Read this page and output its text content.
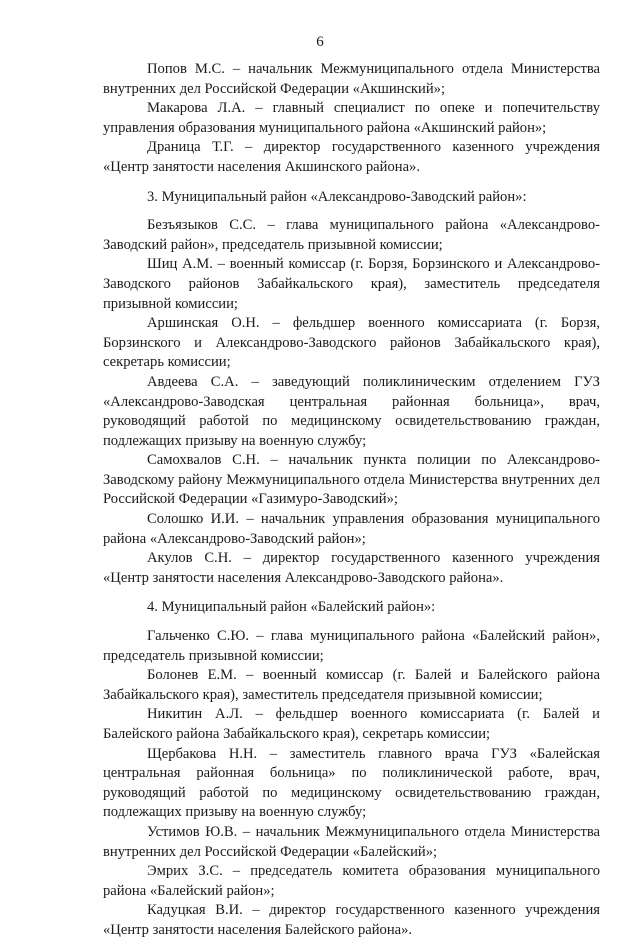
6

Попов М.С. – начальник Межмуниципального отдела Министерства внутренних дел Российской Федерации «Акшинский»;

Макарова Л.А. – главный специалист по опеке и попечительству управления образования муниципального района «Акшинский район»;

Драница Т.Г. – директор государственного казенного учреждения «Центр занятости населения Акшинского района».

3. Муниципальный район «Александрово-Заводский район»:

Безъязыков С.С. – глава муниципального района «Александрово-Заводский район», председатель призывной комиссии;

Шиц А.М. – военный комиссар (г. Борзя, Борзинского и Александрово-Заводского районов Забайкальского края), заместитель председателя призывной комиссии;

Аршинская О.Н. – фельдшер военного комиссариата (г. Борзя, Борзинского и Александрово-Заводского районов Забайкальского края), секретарь комиссии;

Авдеева С.А. – заведующий поликлиническим отделением ГУЗ «Александрово-Заводская центральная районная больница», врач, руководящий работой по медицинскому освидетельствованию граждан, подлежащих призыву на военную службу;

Самохвалов С.Н. – начальник пункта полиции по Александрово-Заводскому району Межмуниципального отдела Министерства внутренних дел Российской Федерации «Газимуро-Заводский»;

Солошко И.И. – начальник управления образования муниципального района «Александрово-Заводский район»;

Акулов С.Н. – директор государственного казенного учреждения «Центр занятости населения Александрово-Заводского района».

4. Муниципальный район «Балейский район»:

Гальченко С.Ю. – глава муниципального района «Балейский район», председатель призывной комиссии;

Болонев Е.М. – военный комиссар (г. Балей и Балейского района Забайкальского края), заместитель председателя призывной комиссии;

Никитин А.Л. – фельдшер военного комиссариата (г. Балей и Балейского района Забайкальского края), секретарь комиссии;

Щербакова Н.Н. – заместитель главного врача ГУЗ «Балейская центральная районная больница» по поликлинической работе, врач, руководящий работой по медицинскому освидетельствованию граждан, подлежащих призыву на военную службу;

Устимов Ю.В. – начальник Межмуниципального отдела Министерства внутренних дел Российской Федерации «Балейский»;

Эмрих З.С. – председатель комитета образования муниципального района «Балейский район»;

Кадуцкая В.И. – директор государственного казенного учреждения «Центр занятости населения Балейского района».
